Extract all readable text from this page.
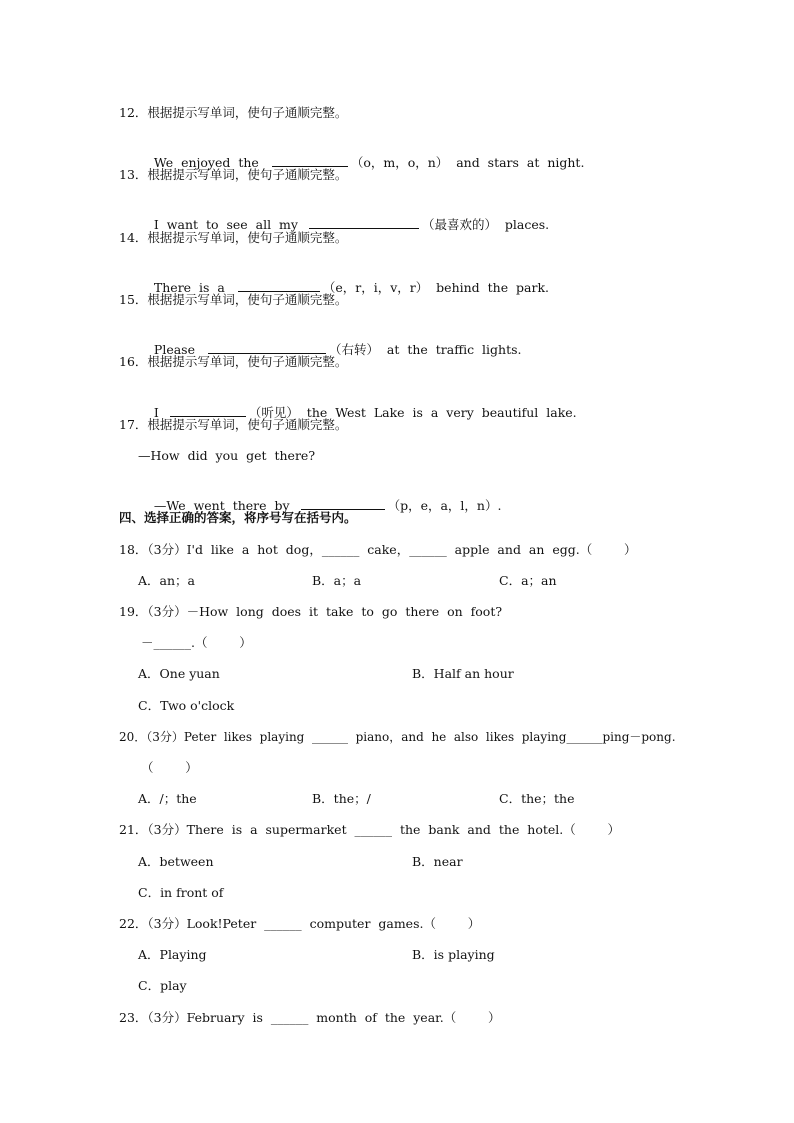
12．根据提示写单词，使句子通顺完整。

We  enjoyed  the	（o，m，o，n）  and  stars  at  night.

13．根据提示写单词，使句子通顺完整。

I  want  to  see  all  my	（最喜欢的）  places.

14．根据提示写单词，使句子通顺完整。

There  is  a	（e，r，i，v，r）  behind  the  park.

15．根据提示写单词，使句子通顺完整。

Please	（右转）  at  the  traffic  lights.

16．根据提示写单词，使句子通顺完整。

I	（听见）  the  West  Lake  is  a  very  beautiful  lake.

17．根据提示写单词，使句子通顺完整。
—How  did  you  get  there?

—We  went  there  by	（p，e，a，l，n）.

四、选择正确的答案，将序号写在括号内。
18．（3分）I'd  like  a  hot  dog，______  cake，______  apple  and  an  egg.（        ）
A．an；a	B．a；a	C．a；an
19．（3分）－How  long  does  it  take  to  go  there  on  foot?
－______.（        ）
A．One yuan	B．Half an hour
C．Two o'clock
20．（3分）Peter  likes  playing  ______  piano，and  he  also  likes  playing______ping－pong.
（        ）
A．/；the	B．the；/	C．the；the
21．（3分）There  is  a  supermarket  ______  the  bank  and  the  hotel.（        ）
A．between	B．near
C．in front of
22．（3分）Look!Peter  ______  computer  games.（        ）
A．Playing	B．is playing
C．play
23．（3分）February  is  ______  month  of  the  year.（        ）
